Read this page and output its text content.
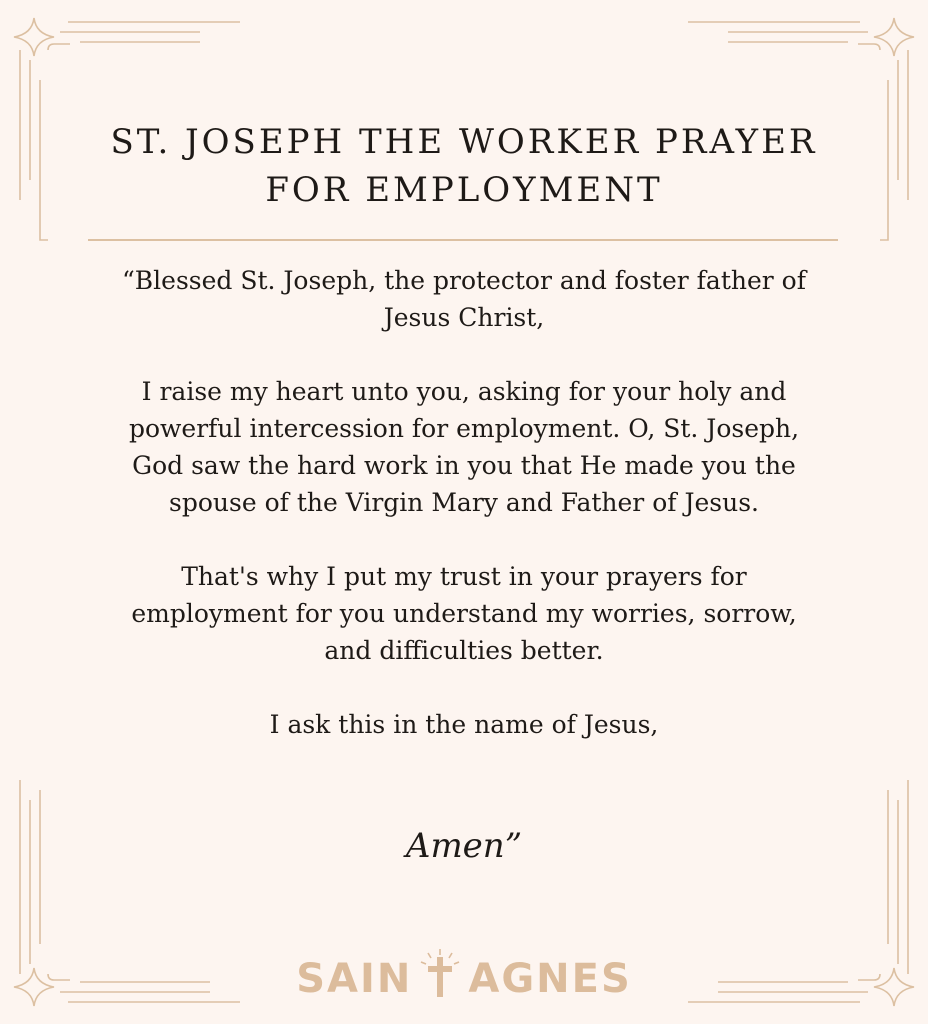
ST. JOSEPH THE WORKER PRAYER
FOR EMPLOYMENT

“Blessed St. Joseph, the protector and foster father of
Jesus Christ,

I raise my heart unto you, asking for your holy and
powerful intercession for employment. O, St. Joseph,
God saw the hard work in you that He made you the
spouse of the Virgin Mary and Father of Jesus.

That's why I put my trust in your prayers for
employment for you understand my worries, sorrow,
and difficulties better.

I ask this in the name of Jesus,

Amen”
SAIN AGNES
